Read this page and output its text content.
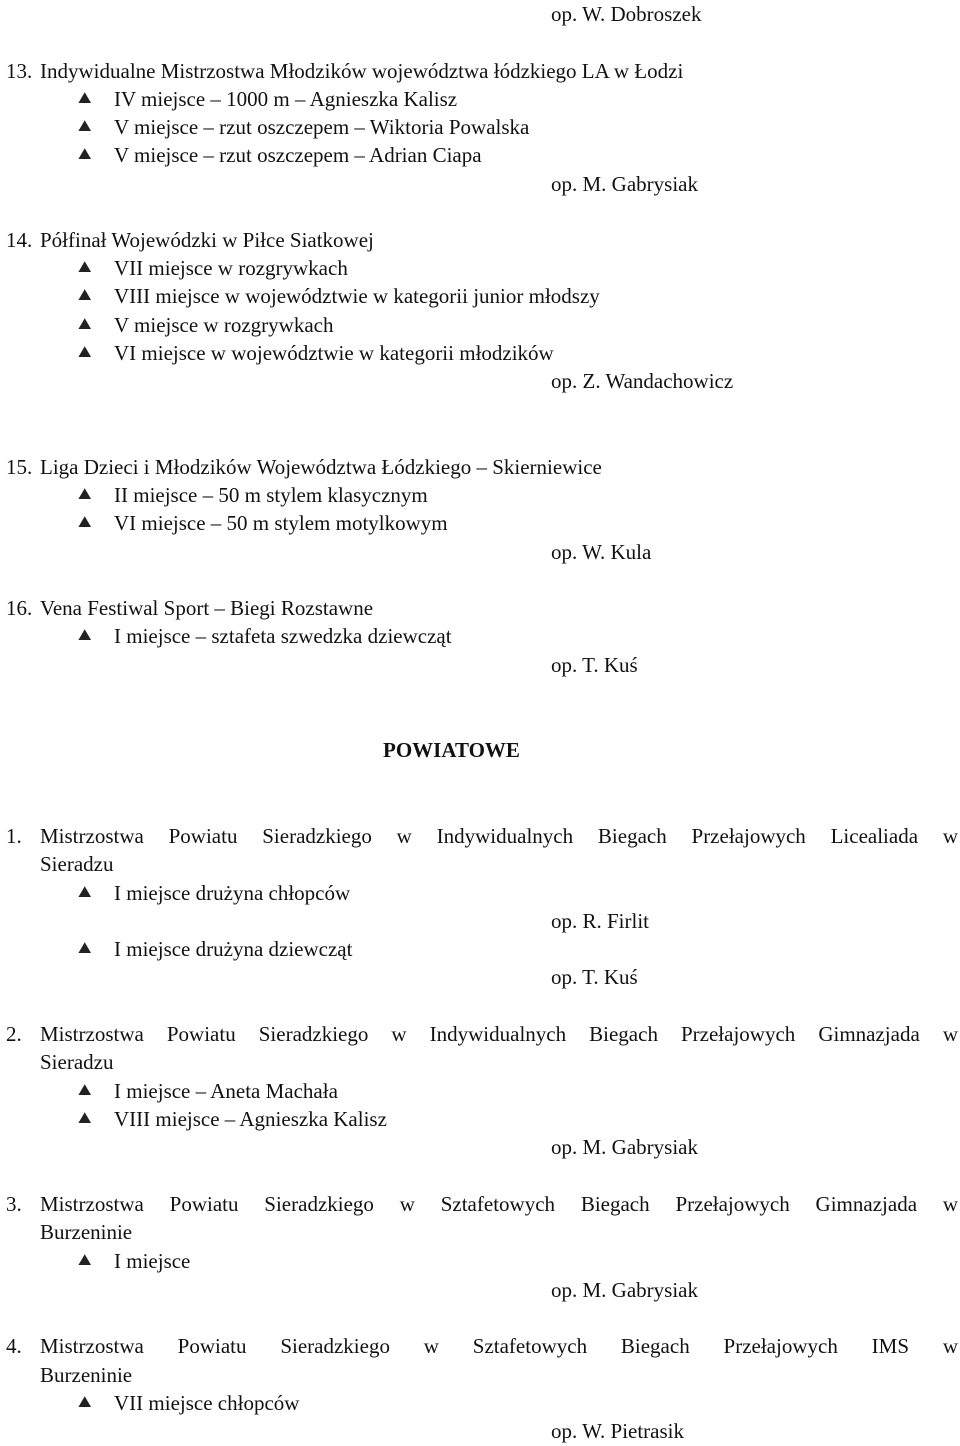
op. W. Dobroszek
13. Indywidualne Mistrzostwa Młodzików województwa łódzkiego LA w Łodzi
⛰ IV miejsce – 1000 m – Agnieszka Kalisz
⛰ V miejsce – rzut oszczepem – Wiktoria Powalska
⛰ V miejsce – rzut oszczepem – Adrian Ciapa
op. M. Gabrysiak
14. Półfinał Wojewódzki w Piłce Siatkowej
⛰ VII miejsce w rozgrywkach
⛰ VIII miejsce w województwie w kategorii junior młodszy
⛰ V miejsce w rozgrywkach
⛰ VI miejsce w województwie w kategorii młodzików
op. Z. Wandachowicz
15. Liga Dzieci i Młodzików Województwa Łódzkiego – Skierniewice
⛰ II miejsce – 50 m stylem klasycznym
⛰ VI miejsce – 50 m stylem motylkowym
op. W. Kula
16. Vena Festiwal Sport – Biegi Rozstawne
⛰ I miejsce – sztafeta szwedzka dziewcząt
op. T. Kuś
POWIATOWE
1. Mistrzostwa Powiatu Sieradzkiego w Indywidualnych Biegach Przełajowych Licealiada w
Sieradzu
⛰ I miejsce drużyna chłopców
op. R. Firlit
⛰ I miejsce drużyna dziewcząt
op. T. Kuś
2. Mistrzostwa Powiatu Sieradzkiego w Indywidualnych Biegach Przełajowych Gimnazjada w
Sieradzu
⛰ I miejsce – Aneta Machała
⛰ VIII miejsce – Agnieszka Kalisz
op. M. Gabrysiak
3. Mistrzostwa Powiatu Sieradzkiego w Sztafetowych Biegach Przełajowych Gimnazjada w
Burzeninie
⛰ I miejsce
op. M. Gabrysiak
4. Mistrzostwa Powiatu Sieradzkiego w Sztafetowych Biegach Przełajowych IMS w
Burzeninie
⛰ VII miejsce chłopców
op. W. Pietrasik
